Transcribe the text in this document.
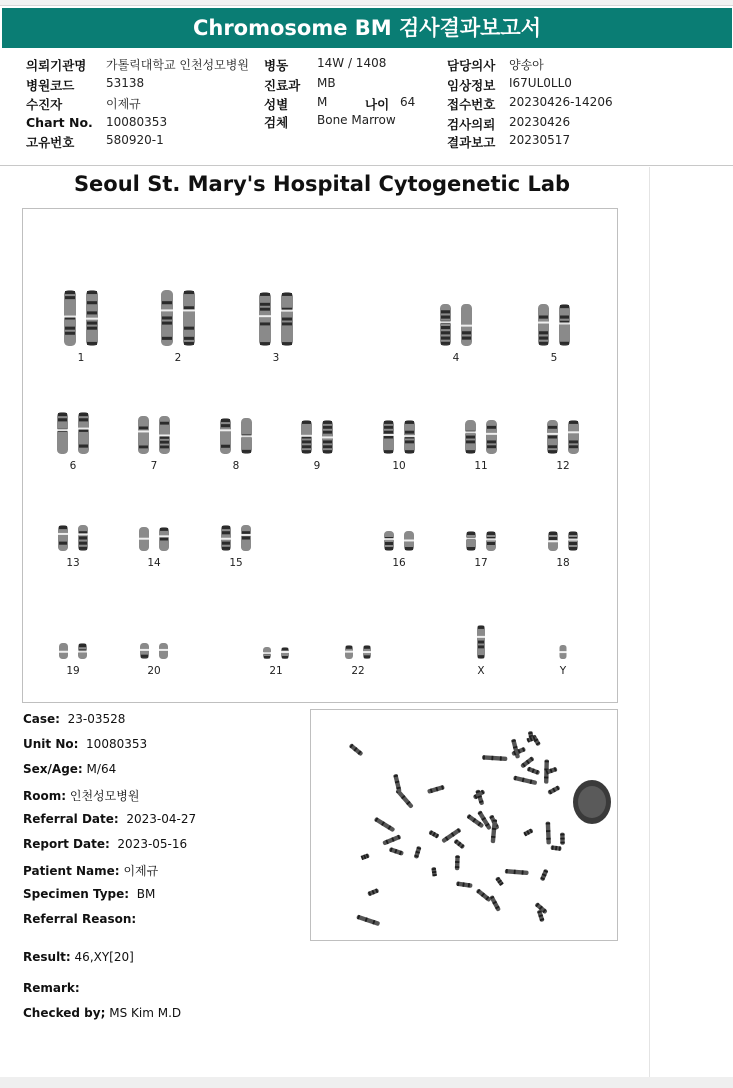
Chromosome BM 검사결과보고서
의뢰기관명 가톨릭대학교 인천성모병원
병원코드	53138
수진자	이제규
Chart No. 10080353
고유번호	580920-1
병동 14W / 1408
진료과 MB
성별 M	나이 64
검체 Bone Marrow
담당의사 양송아
임상정보 I67UL0LL0
접수번호 20230426-14206
검사의뢰 20230426
결과보고 20230517
Seoul St. Mary's Hospital Cytogenetic Lab
1	2	3	4	5
6	7	8	9	10	11	12
13	14	15	16	17	18
19	20	21	22	X	Y
Case: 23-03528
Unit No: 10080353
Sex/Age: M/64
Room: 인천성모병원
Referral Date: 2023-04-27
Report Date: 2023-05-16
Patient Name: 이제규
Specimen Type: BM
Referral Reason:
Result: 46,XY[20]
Remark:
Checked by; MS Kim M.D
